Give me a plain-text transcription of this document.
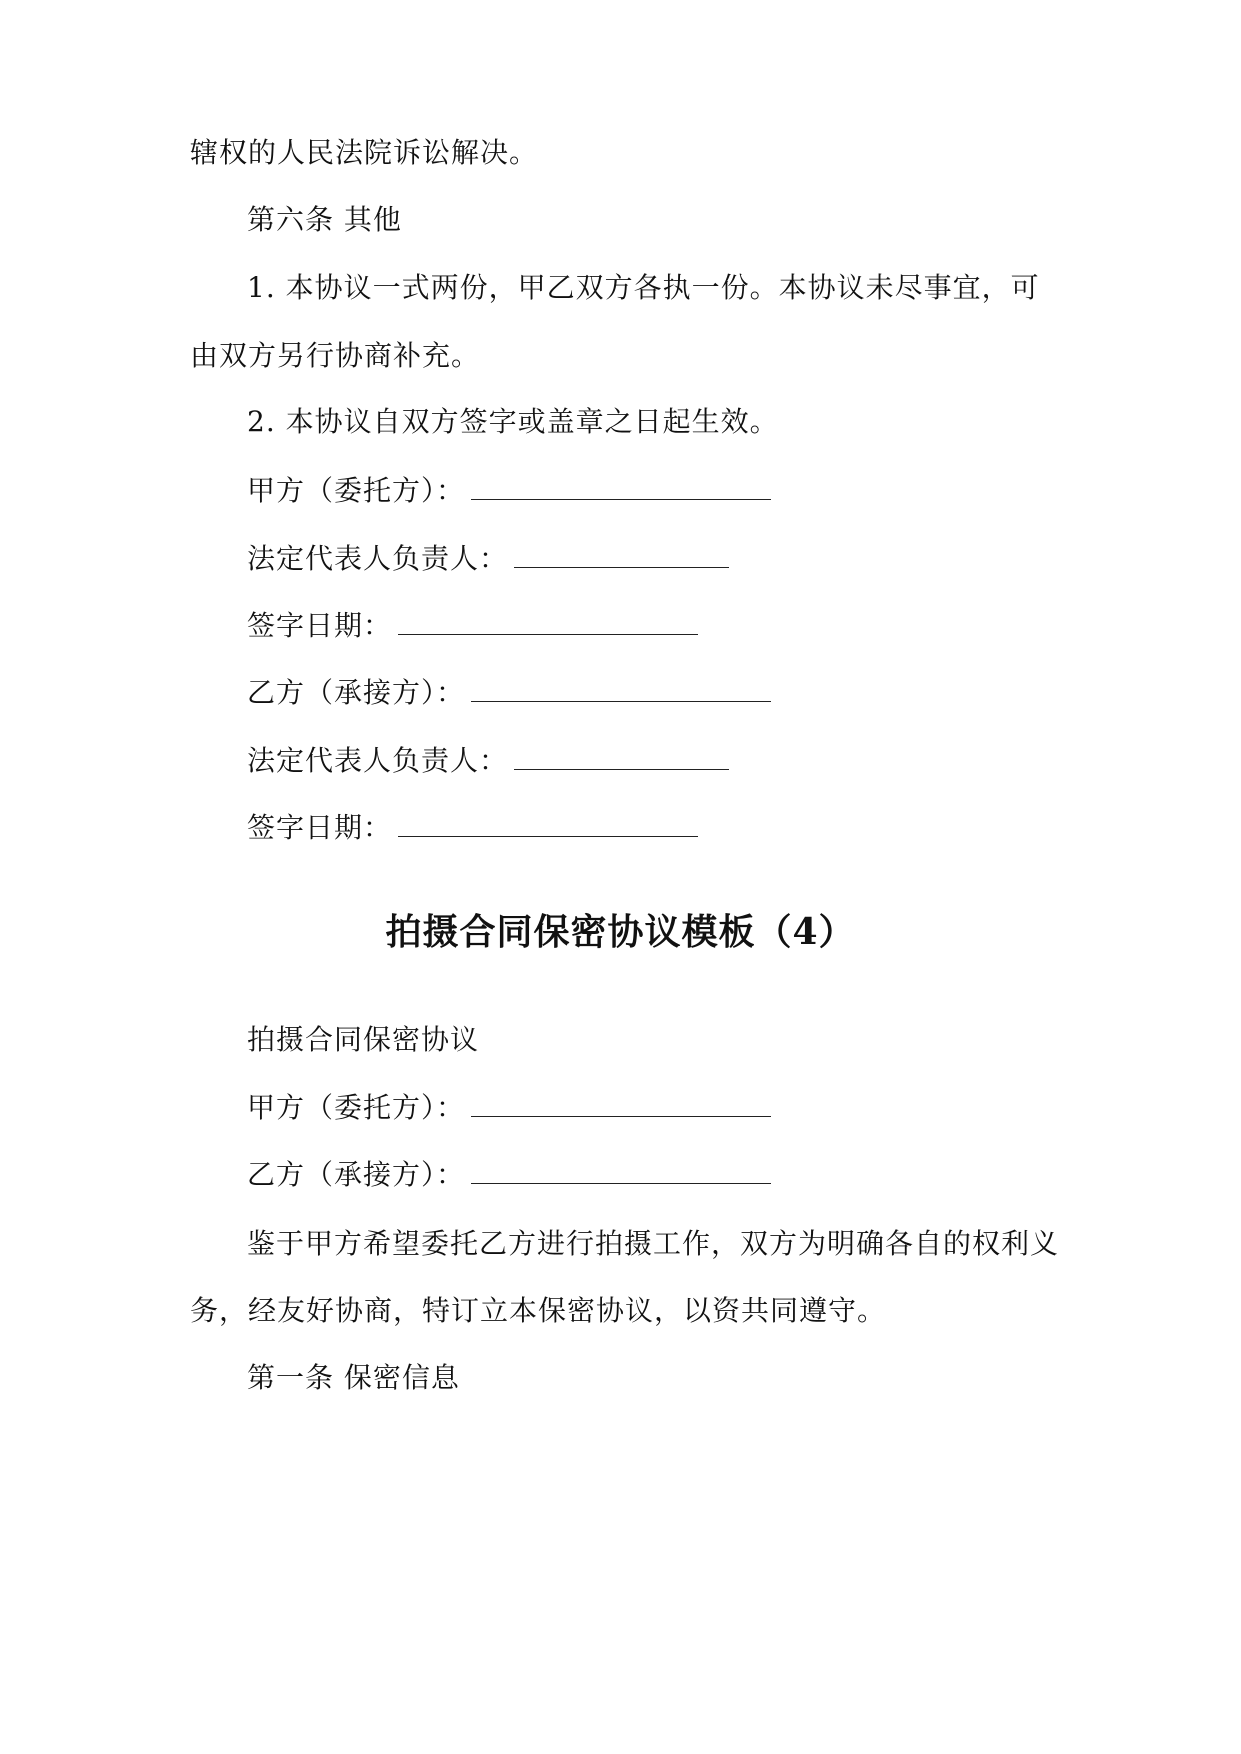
辖权的人民法院诉讼解决。
第六条 其他
1. 本协议一式两份，甲乙双方各执一份。本协议未尽事宜，可
由双方另行协商补充。
2. 本协议自双方签字或盖章之日起生效。
甲方（委托方）：
法定代表人负责人：
签字日期：
乙方（承接方）：
法定代表人负责人：
签字日期：
拍摄合同保密协议模板（4）
拍摄合同保密协议
甲方（委托方）：
乙方（承接方）：
鉴于甲方希望委托乙方进行拍摄工作，双方为明确各自的权利义
务，经友好协商，特订立本保密协议，以资共同遵守。
第一条 保密信息
